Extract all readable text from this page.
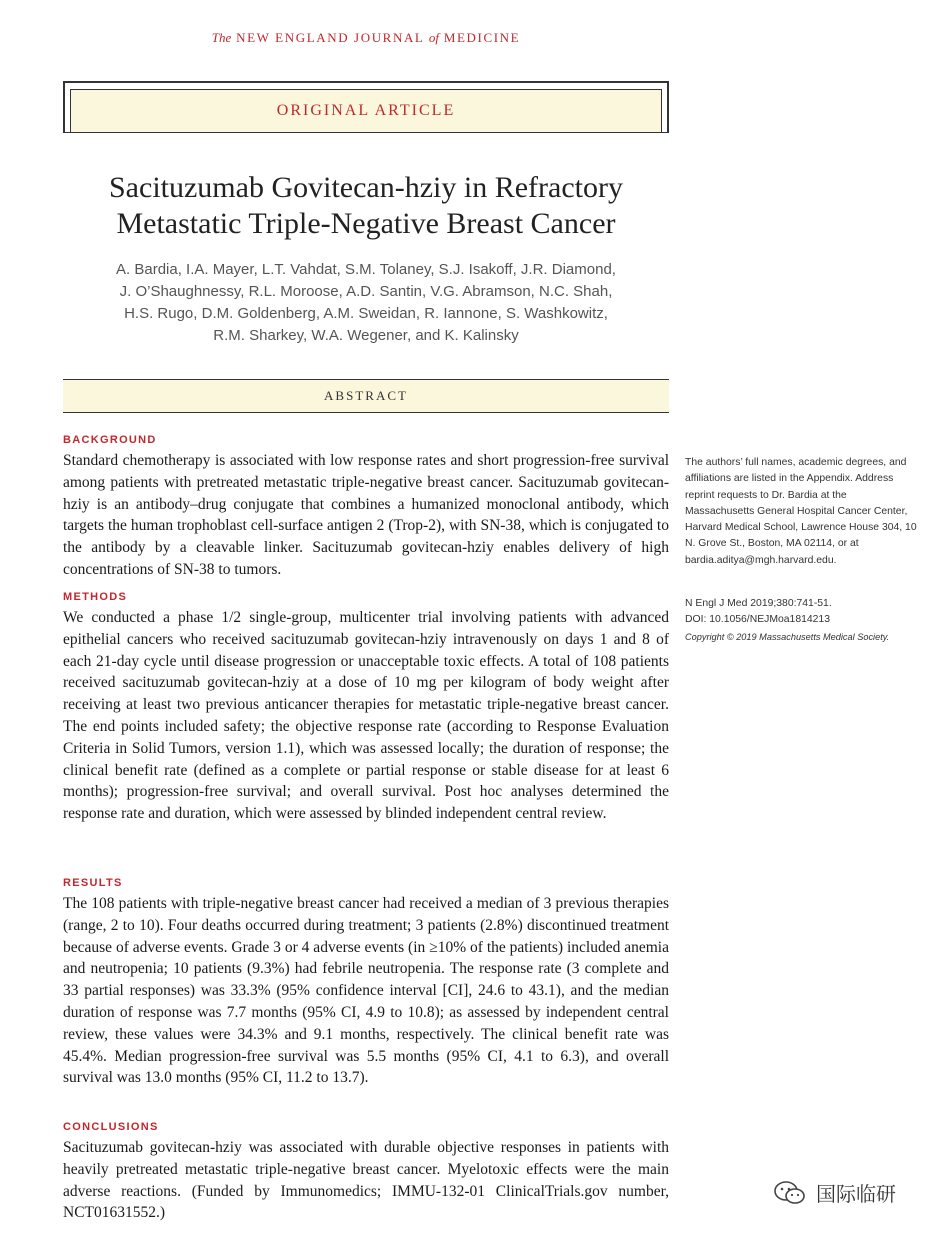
The NEW ENGLAND JOURNAL of MEDICINE
ORIGINAL ARTICLE
Sacituzumab Govitecan-hziy in Refractory
Metastatic Triple-Negative Breast Cancer
A. Bardia, I.A. Mayer, L.T. Vahdat, S.M. Tolaney, S.J. Isakoff, J.R. Diamond,
J. O’Shaughnessy, R.L. Moroose, A.D. Santin, V.G. Abramson, N.C. Shah,
H.S. Rugo, D.M. Goldenberg, A.M. Sweidan, R. Iannone, S. Washkowitz,
R.M. Sharkey, W.A. Wegener, and K. Kalinsky
ABSTRACT
BACKGROUND
Standard chemotherapy is associated with low response rates and short progression-free survival among patients with pretreated metastatic triple-negative breast cancer. Sacituzumab govitecan-hziy is an antibody–drug conjugate that combines a humanized monoclonal antibody, which targets the human trophoblast cell-surface antigen 2 (Trop-2), with SN-38, which is conjugated to the antibody by a cleavable linker. Sacituzumab govitecan-hziy enables delivery of high concentrations of SN-38 to tumors.
METHODS
We conducted a phase 1/2 single-group, multicenter trial involving patients with advanced epithelial cancers who received sacituzumab govitecan-hziy intravenously on days 1 and 8 of each 21-day cycle until disease progression or unacceptable toxic effects. A total of 108 patients received sacituzumab govitecan-hziy at a dose of 10 mg per kilogram of body weight after receiving at least two previous anticancer therapies for metastatic triple-negative breast cancer. The end points included safety; the objective response rate (according to Response Evaluation Criteria in Solid Tumors, version 1.1), which was assessed locally; the duration of response; the clinical benefit rate (defined as a complete or partial response or stable disease for at least 6 months); progression-free survival; and overall survival. Post hoc analyses determined the response rate and duration, which were assessed by blinded independent central review.
RESULTS
The 108 patients with triple-negative breast cancer had received a median of 3 previous therapies (range, 2 to 10). Four deaths occurred during treatment; 3 patients (2.8%) discontinued treatment because of adverse events. Grade 3 or 4 adverse events (in ≥10% of the patients) included anemia and neutropenia; 10 patients (9.3%) had febrile neutropenia. The response rate (3 complete and 33 partial responses) was 33.3% (95% confidence interval [CI], 24.6 to 43.1), and the median duration of response was 7.7 months (95% CI, 4.9 to 10.8); as assessed by independent central review, these values were 34.3% and 9.1 months, respectively. The clinical benefit rate was 45.4%. Median progression-free survival was 5.5 months (95% CI, 4.1 to 6.3), and overall survival was 13.0 months (95% CI, 11.2 to 13.7).
CONCLUSIONS
Sacituzumab govitecan-hziy was associated with durable objective responses in patients with heavily pretreated metastatic triple-negative breast cancer. Myelotoxic effects were the main adverse reactions. (Funded by Immunomedics; IMMU-132-01 ClinicalTrials.gov number, NCT01631552.)
The authors’ full names, academic degrees, and affiliations are listed in the Appendix. Address reprint requests to Dr. Bardia at the Massachusetts General Hospital Cancer Center, Harvard Medical School, Lawrence House 304, 10 N. Grove St., Boston, MA 02114, or at bardia.aditya@mgh.harvard.edu.
N Engl J Med 2019;380:741-51.
DOI: 10.1056/NEJMoa1814213
Copyright © 2019 Massachusetts Medical Society.
国际临研
